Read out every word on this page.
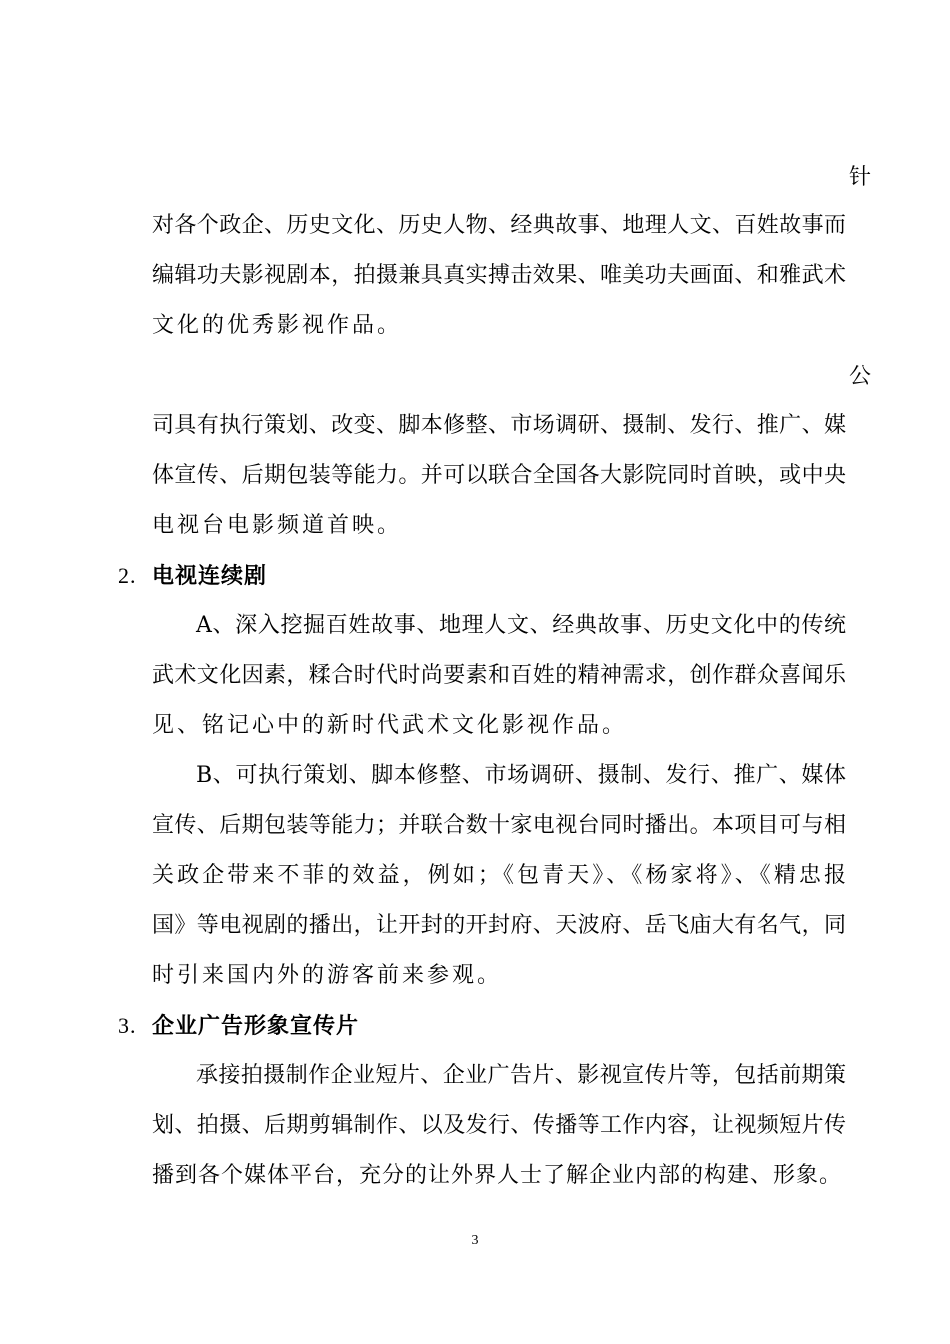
针
对各个政企、历史文化、历史人物、经典故事、地理人文、百姓故事而
编辑功夫影视剧本，拍摄兼具真实搏击效果、唯美功夫画面、和雅武术
文化的优秀影视作品。
公
司具有执行策划、改变、脚本修整、市场调研、摄制、发行、推广、媒
体宣传、后期包装等能力。并可以联合全国各大影院同时首映，或中央
电视台电影频道首映。
2. 电视连续剧
A、深入挖掘百姓故事、地理人文、经典故事、历史文化中的传统
武术文化因素，糅合时代时尚要素和百姓的精神需求，创作群众喜闻乐
见、铭记心中的新时代武术文化影视作品。
B、可执行策划、脚本修整、市场调研、摄制、发行、推广、媒体
宣传、后期包装等能力；并联合数十家电视台同时播出。本项目可与相
关政企带来不菲的效益，例如；《包青天》、《杨家将》、《精忠报
国》等电视剧的播出，让开封的开封府、天波府、岳飞庙大有名气，同
时引来国内外的游客前来参观。
3. 企业广告形象宣传片
承接拍摄制作企业短片、企业广告片、影视宣传片等，包括前期策
划、拍摄、后期剪辑制作、以及发行、传播等工作内容，让视频短片传
播到各个媒体平台，充分的让外界人士了解企业内部的构建、形象。
3
